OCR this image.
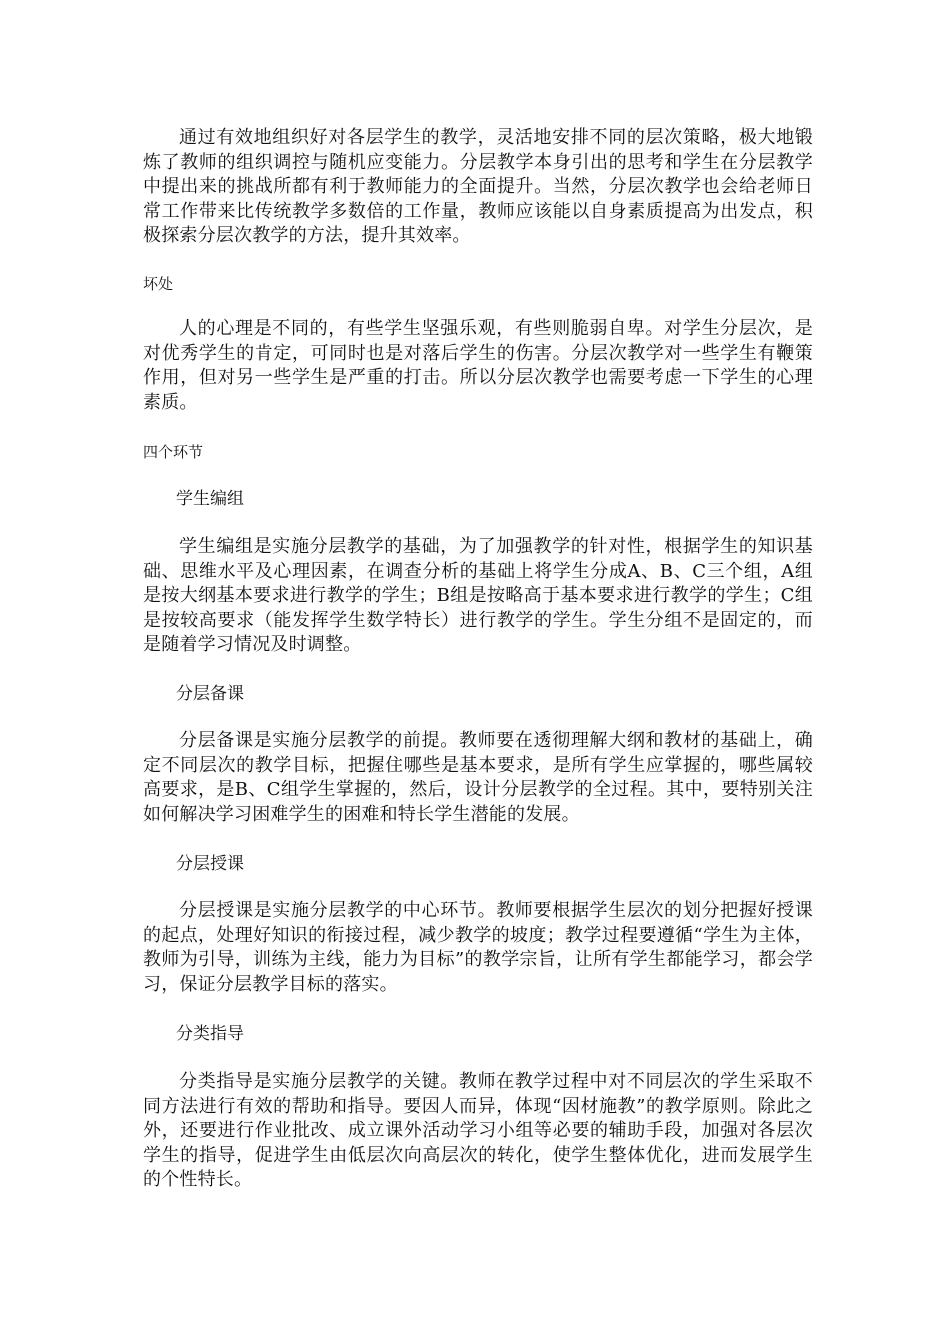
通过有效地组织好对各层学生的教学，灵活地安排不同的层次策略，极大地锻炼了教师的组织调控与随机应变能力。分层教学本身引出的思考和学生在分层教学中提出来的挑战所都有利于教师能力的全面提升。当然，分层次教学也会给老师日常工作带来比传统教学多数倍的工作量，教师应该能以自身素质提高为出发点，积极探索分层次教学的方法，提升其效率。

坏处

人的心理是不同的，有些学生坚强乐观，有些则脆弱自卑。对学生分层次，是对优秀学生的肯定，可同时也是对落后学生的伤害。分层次教学对一些学生有鞭策作用，但对另一些学生是严重的打击。所以分层次教学也需要考虑一下学生的心理素质。

四个环节

学生编组

学生编组是实施分层教学的基础，为了加强教学的针对性，根据学生的知识基础、思维水平及心理因素，在调查分析的基础上将学生分成A、B、C三个组，A组是按大纲基本要求进行教学的学生；B组是按略高于基本要求进行教学的学生；C组是按较高要求（能发挥学生数学特长）进行教学的学生。学生分组不是固定的，而是随着学习情况及时调整。

分层备课

分层备课是实施分层教学的前提。教师要在透彻理解大纲和教材的基础上，确定不同层次的教学目标，把握住哪些是基本要求，是所有学生应掌握的，哪些属较高要求，是B、C组学生掌握的，然后，设计分层教学的全过程。其中，要特别关注如何解决学习困难学生的困难和特长学生潜能的发展。

分层授课

分层授课是实施分层教学的中心环节。教师要根据学生层次的划分把握好授课的起点，处理好知识的衔接过程，减少教学的坡度；教学过程要遵循“学生为主体，教师为引导，训练为主线，能力为目标”的教学宗旨，让所有学生都能学习，都会学习，保证分层教学目标的落实。

分类指导

分类指导是实施分层教学的关键。教师在教学过程中对不同层次的学生采取不同方法进行有效的帮助和指导。要因人而异，体现“因材施教”的教学原则。除此之外，还要进行作业批改、成立课外活动学习小组等必要的辅助手段，加强对各层次学生的指导，促进学生由低层次向高层次的转化，使学生整体优化，进而发展学生的个性特长。
